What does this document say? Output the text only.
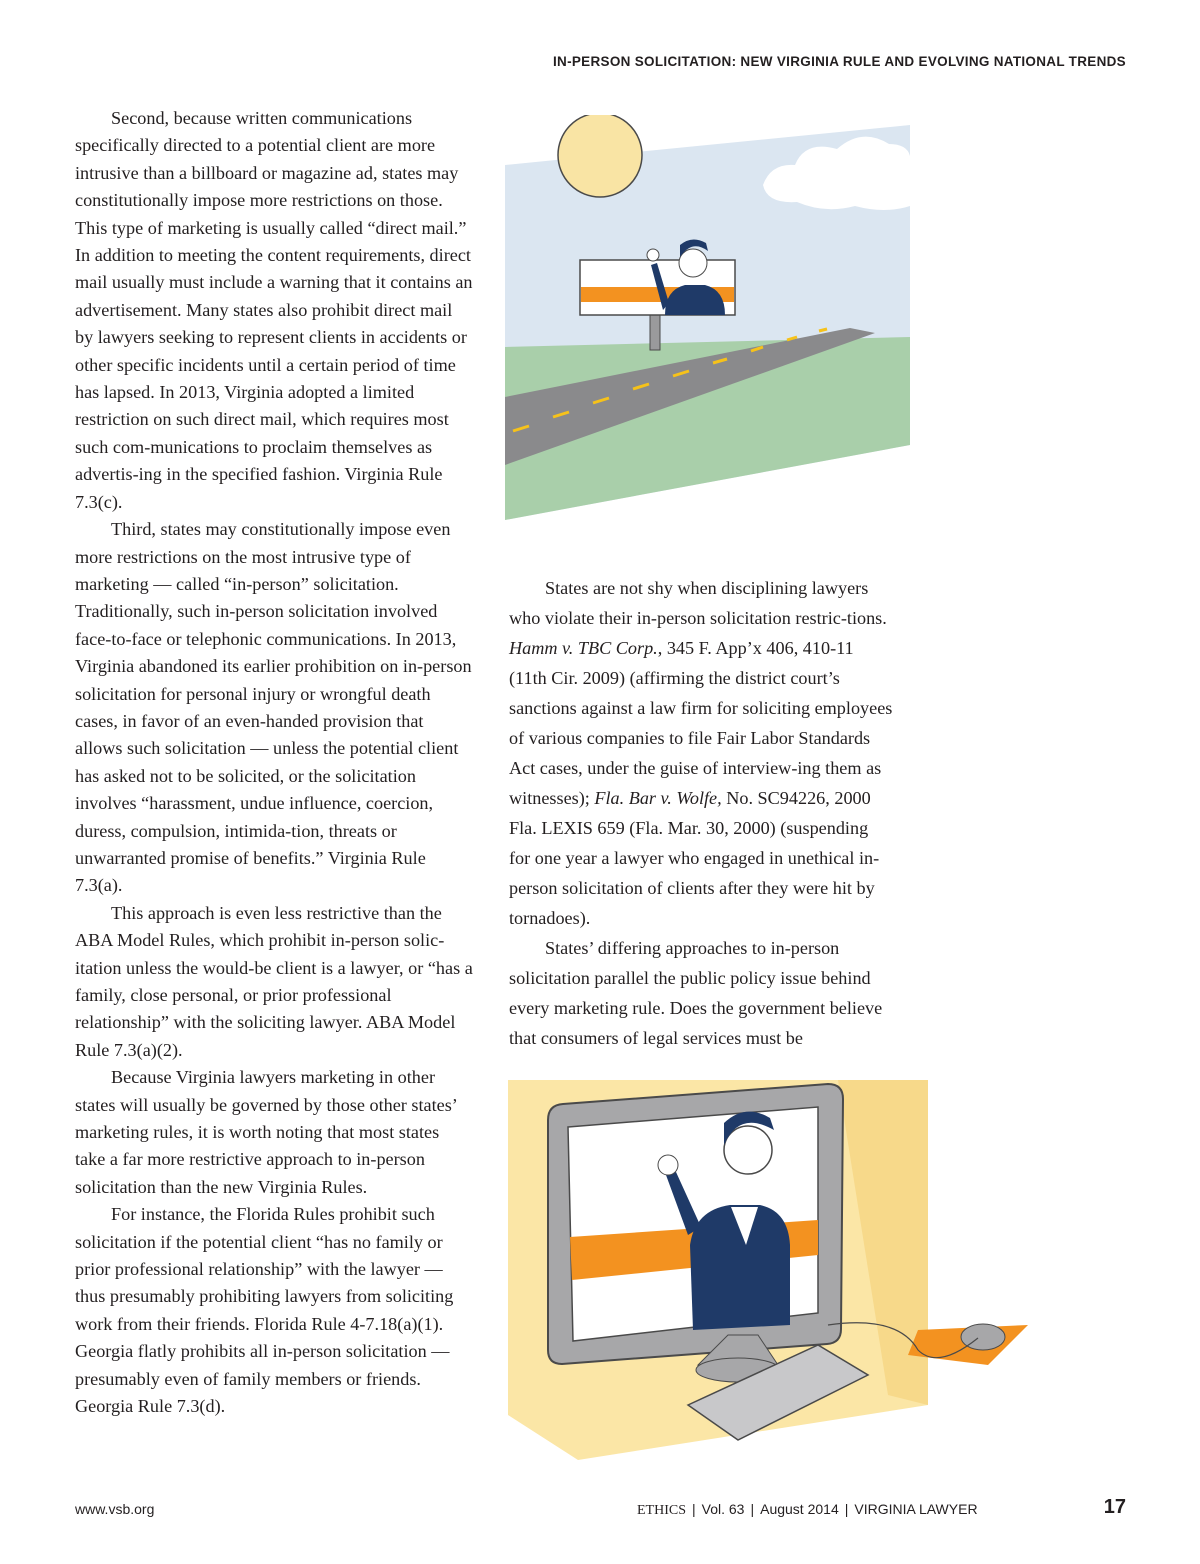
IN-PERSON SOLICITATION: NEW VIRGINIA RULE AND EVOLVING NATIONAL TRENDS

Second, because written communications specifically directed to a potential client are more intrusive than a billboard or magazine ad, states may constitutionally impose more restrictions on those. This type of marketing is usually called “direct mail.” In addition to meeting the content requirements, direct mail usually must include a warning that it contains an advertisement. Many states also prohibit direct mail by lawyers seeking to represent clients in accidents or other specific incidents until a certain period of time has lapsed. In 2013, Virginia adopted a limited restriction on such direct mail, which requires most such com-munications to proclaim themselves as advertis-ing in the specified fashion. Virginia Rule 7.3(c).

Third, states may constitutionally impose even more restrictions on the most intrusive type of marketing — called “in-person” solicitation. Traditionally, such in-person solicitation involved face-to-face or telephonic communications. In 2013, Virginia abandoned its earlier prohibition on in-person solicitation for personal injury or wrongful death cases, in favor of an even-handed provision that allows such solicitation — unless the potential client has asked not to be solicited, or the solicitation involves “harassment, undue influence, coercion, duress, compulsion, intimida-tion, threats or unwarranted promise of benefits.” Virginia Rule 7.3(a).

This approach is even less restrictive than the ABA Model Rules, which prohibit in-person solic-itation unless the would-be client is a lawyer, or “has a family, close personal, or prior professional relationship” with the soliciting lawyer. ABA Model Rule 7.3(a)(2).

Because Virginia lawyers marketing in other states will usually be governed by those other states’ marketing rules, it is worth noting that most states take a far more restrictive approach to in-person solicitation than the new Virginia Rules.

For instance, the Florida Rules prohibit such solicitation if the potential client “has no family or prior professional relationship” with the lawyer — thus presumably prohibiting lawyers from soliciting work from their friends. Florida Rule 4-7.18(a)(1). Georgia flatly prohibits all in-person solicitation — presumably even of family members or friends. Georgia Rule 7.3(d).

States are not shy when disciplining lawyers who violate their in-person solicitation restric-tions. Hamm v. TBC Corp., 345 F. App’x 406, 410-11 (11th Cir. 2009) (affirming the district court’s sanctions against a law firm for soliciting employees of various companies to file Fair Labor Standards Act cases, under the guise of interview-ing them as witnesses); Fla. Bar v. Wolfe, No. SC94226, 2000 Fla. LEXIS 659 (Fla. Mar. 30, 2000) (suspending for one year a lawyer who engaged in unethical in-person solicitation of clients after they were hit by tornadoes).

States’ differing approaches to in-person solicitation parallel the public policy issue behind every marketing rule. Does the government believe that consumers of legal services must be

www.vsb.org	ETHICS | Vol. 63 | August 2014 | VIRGINIA LAWYER	17
